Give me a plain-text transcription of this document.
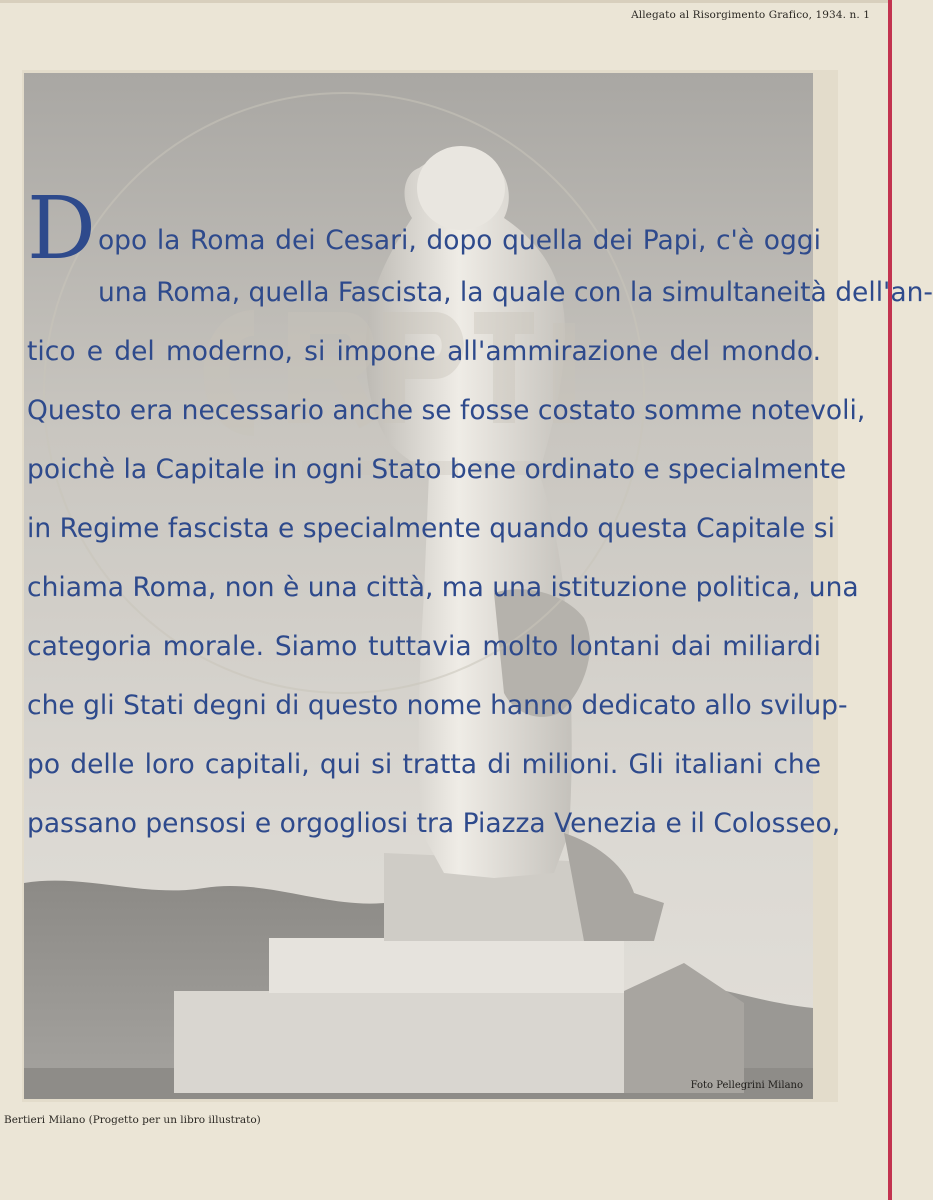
Allegato al Risorgimento Grafico, 1934. n. 1
Dopo la Roma dei Cesari, dopo quella dei Papi, c'è oggi
una Roma, quella Fascista, la quale con la simultaneità dell'an-
tico e del moderno, si impone all'ammirazione del mondo.
Questo era necessario anche se fosse costato somme notevoli,
poichè la Capitale in ogni Stato bene ordinato e specialmente
in Regime fascista e specialmente quando questa Capitale si
chiama Roma, non è una città, ma una istituzione politica, una
categoria morale. Siamo tuttavia molto lontani dai miliardi
che gli Stati degni di questo nome hanno dedicato allo svilup-
po delle loro capitali, qui si tratta di milioni. Gli italiani che
passano pensosi e orgogliosi tra Piazza Venezia e il Colosseo,
Foto Pellegrini Milano
Bertieri Milano (Progetto per un libro illustrato)
